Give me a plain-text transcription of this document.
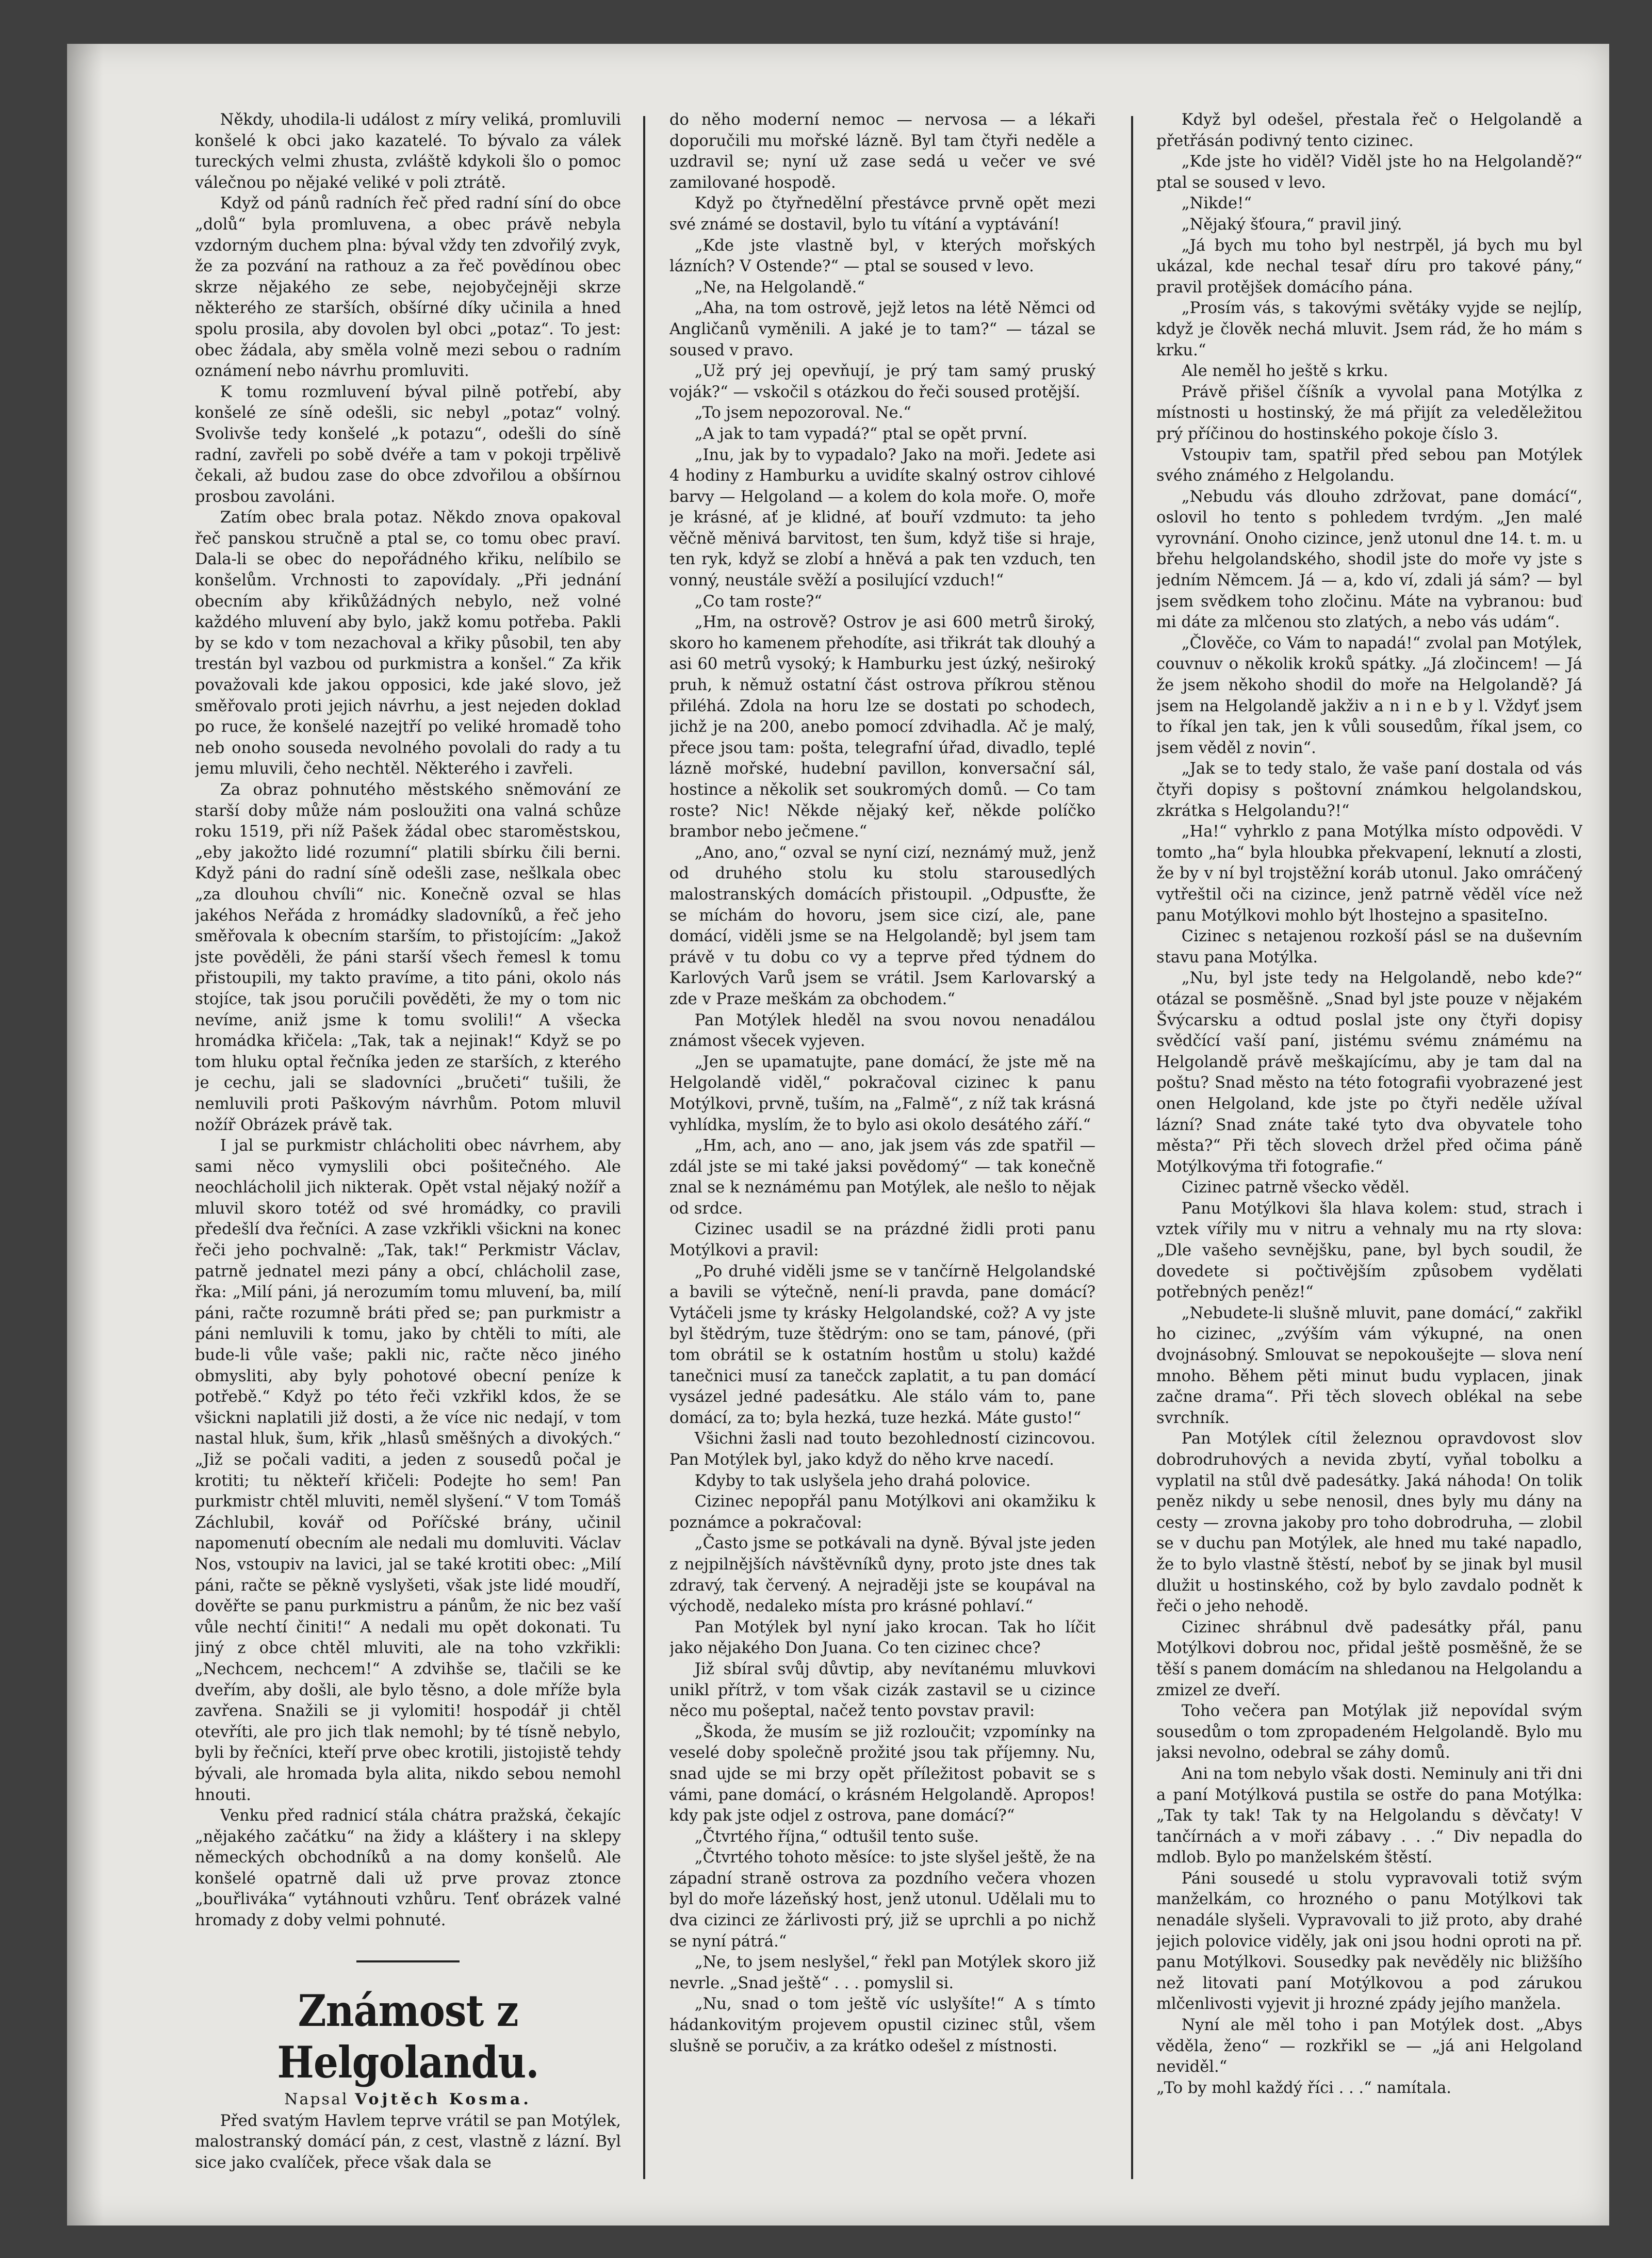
Někdy, uhodila-li událost z míry veliká, promluvili konšelé k obci jako kazatelé. To bývalo za válek tureckých velmi zhusta, zvláště kdykoli šlo o pomoc válečnou po nějaké veliké v poli ztrátě.

Když od pánů radních řeč před radní síní do obce „dolů“ byla promluvena, a obec právě nebyla vzdorným duchem plna: býval vždy ten zdvořilý zvyk, že za pozvání na rathouz a za řeč povědínou obec skrze nějakého ze sebe, nejobyčejněji skrze některého ze starších, obšírné díky učinila a hned spolu prosila, aby dovolen byl obci „potaz“. To jest: obec žádala, aby směla volně mezi sebou o radním oznámení nebo návrhu promluviti.

K tomu rozmluvení býval pilně potřebí, aby konšelé ze síně odešli, sic nebyl „potaz“ volný. Svolivše tedy konšelé „k potazu“, odešli do síně radní, zavřeli po sobě dvéře a tam v pokoji trpělivě čekali, až budou zase do obce zdvořilou a obšírnou prosbou zavoláni.

Zatím obec brala potaz. Někdo znova opakoval řeč panskou stručně a ptal se, co tomu obec praví. Dala-li se obec do nepořádného křiku, nelíbilo se konšelům. Vrchnosti to zapovídaly. „Při jednání obecním aby křikůžádných nebylo, než volné každého mluvení aby bylo, jakž komu potřeba. Pakli by se kdo v tom nezachoval a křiky působil, ten aby trestán byl vazbou od purkmistra a konšel.“ Za křik považovali kde jakou opposici, kde jaké slovo, jež směřovalo proti jejich návrhu, a jest nejeden doklad po ruce, že konšelé nazejtří po veliké hromadě toho neb onoho souseda nevolného povolali do rady a tu jemu mluvili, čeho nechtěl. Některého i zavřeli.

Za obraz pohnutého městského sněmování ze starší doby může nám posloužiti ona valná schůze roku 1519, při níž Pašek žádal obec staroměstskou, „eby jakožto lidé rozumní“ platili sbírku čili berni. Když páni do radní síně odešli zase, nešlkala obec „za dlouhou chvíli“ nic. Konečně ozval se hlas jakéhos Neřáda z hromádky sladovníků, a řeč jeho směřovala k obecním starším, to přistojícím: „Jakož jste pověděli, že páni starší všech řemesl k tomu přistoupili, my takto pravíme, a tito páni, okolo nás stojíce, tak jsou poručili pověděti, že my o tom nic nevíme, aniž jsme k tomu svolili!“ A všecka hromádka křičela: „Tak, tak a nejinak!“ Když se po tom hluku optal řečníka jeden ze starších, z kterého je cechu, jali se sladovníci „bručeti“ tušili, že nemluvili proti Paškovým návrhům. Potom mluvil nožíř Obrázek právě tak.

I jal se purkmistr chlácholiti obec návrhem, aby sami něco vymyslili obci pošitečného. Ale neochlácholil jich nikterak. Opět vstal nějaký nožíř a mluvil skoro totéž od své hromádky, co pravili předešlí dva řečníci. A zase vzkřikli všickni na konec řeči jeho pochvalně: „Tak, tak!“ Perkmistr Václav, patrně jednatel mezi pány a obcí, chlácholil zase, řka: „Milí páni, já nerozumím tomu mluvení, ba, milí páni, račte rozumně bráti před se; pan purkmistr a páni nemluvili k tomu, jako by chtěli to míti, ale bude-li vůle vaše; pakli nic, račte něco jiného obmysliti, aby byly pohotové obecní peníze k potřebě.“ Když po této řeči vzkřikl kdos, že se všickni naplatili již dosti, a že více nic nedají, v tom nastal hluk, šum, křik „hlasů směšných a divokých.“ „Již se počali vaditi, a jeden z sousedů počal je krotiti; tu někteří křičeli: Podejte ho sem! Pan purkmistr chtěl mluviti, neměl slyšení.“ V tom Tomáš Záchlubil, kovář od Poříčské brány, učinil napomenutí obecním ale nedali mu domluviti. Václav Nos, vstoupiv na lavici, jal se také krotiti obec: „Milí páni, račte se pěkně vyslyšeti, však jste lidé moudří, dověřte se panu purkmistru a pánům, že nic bez vaší vůle nechtí činiti!“ A nedali mu opět dokonati. Tu jiný z obce chtěl mluviti, ale na toho vzkřikli: „Nechcem, nechcem!“ A zdvihše se, tlačili se ke dveřím, aby došli, ale bylo těsno, a dole mříže byla zavřena. Snažili se ji vylomiti! hospodář ji chtěl otevříti, ale pro jich tlak nemohl; by té tísně nebylo, byli by řečníci, kteří prve obec krotili, jistojistě tehdy bývali, ale hromada byla alita, nikdo sebou nemohl hnouti.

Venku před radnicí stála chátra pražská, čekajíc „nějakého začátku“ na židy a kláštery i na sklepy německých obchodníků a na domy konšelů. Ale konšelé opatrně dali už prve provaz ztonce „bouřlivákа“ vytáhnouti vzhůru. Tenť obrázek valné hromady z doby velmi pohnuté.

Známost z Helgolandu.

Napsal Vojtěch Kosma.

Před svatým Havlem teprve vrátil se pan Motýlek, malostranský domácí pán, z cest, vlastně z lázní. Byl sice jako cvalíček, přece však dala se

do něho moderní nemoc — nervosa — a lékaři doporučili mu mořské lázně. Byl tam čtyři neděle a uzdravil se; nyní už zase sedá u večer ve své zamilované hospodě.

Když po čtyřnedělní přestávce prvně opět mezi své známé se dostavil, bylo tu vítání a vyptávání!

„Kde jste vlastně byl, v kterých mořských lázních? V Ostende?“ — ptal se soused v levo.

„Ne, na Helgolandě.“

„Aha, na tom ostrově, jejž letos na létě Němci od Angličanů vyměnili. A jaké je to tam?“ — tázal se soused v pravo.

„Už prý jej opevňují, je prý tam samý pruský voják?“ — vskočil s otázkou do řeči soused protější.

„To jsem nepozoroval. Ne.“

„A jak to tam vypadá?“ ptal se opět první.

„Inu, jak by to vypadalo? Jako na moři. Jedete asi 4 hodiny z Hamburku a uvidíte skalný ostrov cihlové barvy — Helgoland — a kolem do kola moře. O, moře je krásné, ať je klidné, ať bouří vzdmuto: ta jeho věčně měnivá barvitost, ten šum, když tiše si hraje, ten ryk, když se zlobí a hněvá a pak ten vzduch, ten vonný, neustále svěží a posilující vzduch!“

„Co tam roste?“

„Hm, na ostrově? Ostrov je asi 600 metrů široký, skoro ho kamenem přehodíte, asi třikrát tak dlouhý a asi 60 metrů vysoký; k Hamburku jest úzký, neširoký pruh, k němuž ostatní část ostrova příkrou stěnou přiléhá. Zdola na horu lze se dostati po schodech, jichž je na 200, anebo pomocí zdvihadla. Ač je malý, přece jsou tam: pošta, telegrafní úřad, divadlo, teplé lázně mořské, hudební pavillon, konversační sál, hostince a několik set soukromých domů. — Co tam roste? Nic! Někde nějaký keř, někde políčko brambor nebo ječmene.“

„Ano, ano,“ ozval se nyní cizí, neznámý muž, jenž od druhého stolu ku stolu starousedlých malostranských domácích přistoupil. „Odpusťte, že se míchám do hovoru, jsem sice cizí, ale, pane domácí, viděli jsme se na Helgolandě; byl jsem tam právě v tu dobu co vy a teprve před týdnem do Karlových Varů jsem se vrátil. Jsem Karlovarský a zde v Praze meškám za obchodem.“

Pan Motýlek hleděl na svou novou nenadálou známost všecek vyjeven.

„Jen se upamatujte, pane domácí, že jste mě na Helgolandě viděl,“ pokračoval cizinec k panu Motýlkovi, prvně, tuším, na „Falmě“, z níž tak krásná vyhlídka, myslím, že to bylo asi okolo desátého září.“

„Hm, ach, ano — ano, jak jsem vás zde spatřil — zdál jste se mi také jaksi povědomý“ — tak konečně znal se k neznámému pan Motýlek, ale nešlo to nějak od srdce.

Cizinec usadil se na prázdné židli proti panu Motýlkovi a pravil:

„Po druhé viděli jsme se v tančírně Helgolandské a bavili se výtečně, není-li pravda, pane domácí? Vytáčeli jsme ty krásky Helgolandské, což? A vy jste byl štědrým, tuze štědrým: ono se tam, pánové, (při tom obrátil se k ostatním hostům u stolu) každé tanečnici musí za tanečck zaplatit, a tu pan domácí vysázel jedné padesátku. Ale stálo vám to, pane domácí, za to; byla hezká, tuze hezká. Máte gusto!“

Všichni žasli nad touto bezohledností cizincovou. Pan Motýlek byl, jako když do něho krve nacedí.

Kdyby to tak uslyšela jeho drahá polovice.

Cizinec nepopřál panu Motýlkovi ani okamžiku k poznámce a pokračoval:

„Často jsme se potkávali na dyně. Býval jste jeden z nejpilnějších návštěvníků dyny, proto jste dnes tak zdravý, tak červený. A nejraději jste se koupával na východě, nedaleko místa pro krásné pohlaví.“

Pan Motýlek byl nyní jako krocan. Tak ho líčit jako nějakého Don Juana. Co ten cizinec chce?

Již sbíral svůj důvtip, aby nevítanému mluvkovi unikl přítrž, v tom však cizák zastavil se u cizince něco mu pošeptal, načež tento povstav pravil:

„Škoda, že musím se již rozloučit; vzpomínky na veselé doby společně prožité jsou tak příjemny. Nu, snad ujde se mi brzy opět příležitost pobavit se s vámi, pane domácí, o krásném Helgolandě. Apropos! kdy pak jste odjel z ostrova, pane domácí?“

„Čtvrtého října,“ odtušil tento suše.

„Čtvrtého tohoto měsíce: to jste slyšel ještě, že na západní straně ostrova za pozdního večera vhozen byl do moře lázeňský host, jenž utonul. Udělali mu to dva cizinci ze žárlivosti prý, již se uprchli a po nichž se nyní pátrá.“

„Ne, to jsem neslyšel,“ řekl pan Motýlek skoro již nevrle. „Snad ještě“ . . . pomyslil si.

„Nu, snad o tom ještě víc uslyšíte!“ A s tímto hádankovitým projevem opustil cizinec stůl, všem slušně se poručiv, a za krátko odešel z místnosti.

Když byl odešel, přestala řeč o Helgolandě a přetřásán podivný tento cizinec.

„Kde jste ho viděl? Viděl jste ho na Helgolandě?“ ptal se soused v levo.

„Nikde!“

„Nějaký šťoura,“ pravil jiný.

„Já bych mu toho byl nestrpěl, já bych mu byl ukázal, kde nechal tesař díru pro takové pány,“ pravil protějšek domácího pána.

„Prosím vás, s takovými světáky vyjde se nejlíp, když je člověk nechá mluvit. Jsem rád, že ho mám s krku.“

Ale neměl ho ještě s krku.

Právě přišel číšník a vyvolal pana Motýlka z místnosti u hostinský, že má přijít za veleděležitou prý příčinou do hostinského pokoje číslo 3.

Vstoupiv tam, spatřil před sebou pan Motýlek svého známého z Helgolandu.

„Nebudu vás dlouho zdržovat, pane domácí“, oslovil ho tento s pohledem tvrdým. „Jen malé vyrovnání. Onoho cizince, jenž utonul dne 14. t. m. u břehu helgolandského, shodil jste do moře vy jste s jedním Němcem. Já — a, kdo ví, zdali já sám? — byl jsem svědkem toho zločinu. Máte na vybranou: buď mi dáte za mlčenou sto zlatých, a nebo vás udám“.

„Člověče, co Vám to napadá!“ zvolal pan Motýlek, couvnuv o několik kroků spátky. „Já zločincem! — Já že jsem někoho shodil do moře na Helgolandě? Já jsem na Helgolandě jakživ a n i n e b y l. Vždyť jsem to říkal jen tak, jen k vůli sousedům, říkal jsem, co jsem věděl z novin“.

„Jak se to tedy stalo, že vaše paní dostala od vás čtyři dopisy s poštovní známkou helgolandskou, zkrátka s Helgolandu?!“

„Ha!“ vyhrklo z pana Motýlka místo odpovědi. V tomto „ha“ byla hloubka překvapení, leknutí a zlosti, že by v ní byl trojstěžní koráb utonul. Jako omráčený vytřeštil oči na cizince, jenž patrně věděl více než panu Motýlkovi mohlo být lhostejno a spasiteIno.

Cizinec s netajenou rozkoší pásl se na duševním stavu pana Motýlka.

„Nu, byl jste tedy na Helgolandě, nebo kde?“ otázal se posměšně. „Snad byl jste pouze v nějakém Švýcarsku a odtud poslal jste ony čtyři dopisy svědčící vaší paní, jistému svému známému na Helgolandě právě meškajícímu, aby je tam dal na poštu? Snad město na této fotografii vyobrazené jest onen Helgoland, kde jste po čtyři neděle užíval lázní? Snad znáte také tyto dva obyvatele toho města?“ Při těch slovech držel před očima páně Motýlkovýma tři fotografie.“

Cizinec patrně všecko věděl.

Panu Motýlkovi šla hlava kolem: stud, strach i vztek vířily mu v nitru a vehnaly mu na rty slova: „Dle vašeho sevnějšku, pane, byl bych soudil, že dovedete si počtivějším způsobem vydělati potřebných peněz!“

„Nebudete-li slušně mluvit, pane domácí,“ zakřikl ho cizinec, „zvýším vám výkupné, na onen dvojnásobný. Smlouvat se nepokoušejte — slova není mnoho. Během pěti minut budu vyplacen, jinak začne drama“. Při těch slovech oblékal na sebe svrchník.

Pan Motýlek cítil železnou opravdovost slov dobrodruhových a nevida zbytí, vyňal tobolku a vyplatil na stůl dvě padesátky. Jaká náhoda! On tolik peněz nikdy u sebe nenosil, dnes byly mu dány na cesty — zrovna jakoby pro toho dobrodruha, — zlobil se v duchu pan Motýlek, ale hned mu také napadlo, že to bylo vlastně štěstí, neboť by se jinak byl musil dlužit u hostinského, což by bylo zavdalo podnět k řeči o jeho nehodě.

Cizinec shrábnul dvě padesátky přál, panu Motýlkovi dobrou noc, přidal ještě posměšně, že se těší s panem domácím na shledanou na Helgolandu a zmizel ze dveří.

Toho večera pan Motýlak již nepovídal svým sousedům o tom zpropadeném Helgolandě. Bylo mu jaksi nevolno, odebral se záhy domů.

Ani na tom nebylo však dosti. Neminuly ani tři dni a paní Motýlková pustila se ostře do pana Motýlka: „Tak ty tak! Tak ty na Helgolandu s děvčaty! V tančírnách a v moři zábavy . . .“ Div nepadla do mdlob. Bylo po manželském štěstí.

Páni sousedé u stolu vypravovali totiž svým manželkám, co hrozného o panu Motýlkovi tak nenadále slyšeli. Vypravovali to již proto, aby drahé jejich polovice viděly, jak oni jsou hodni oproti na př. panu Motýlkovi. Sousedky pak nevěděly nic bližšího než litovati paní Motýlkovou a pod zárukou mlčenlivosti vyjevit ji hrozné zpády jejího manžela.

Nyní ale měl toho i pan Motýlek dost. „Abys věděla, ženo“ — rozkřikl se — „já ani Helgoland neviděl.“

„To by mohl každý říci . . .“ namítala.
